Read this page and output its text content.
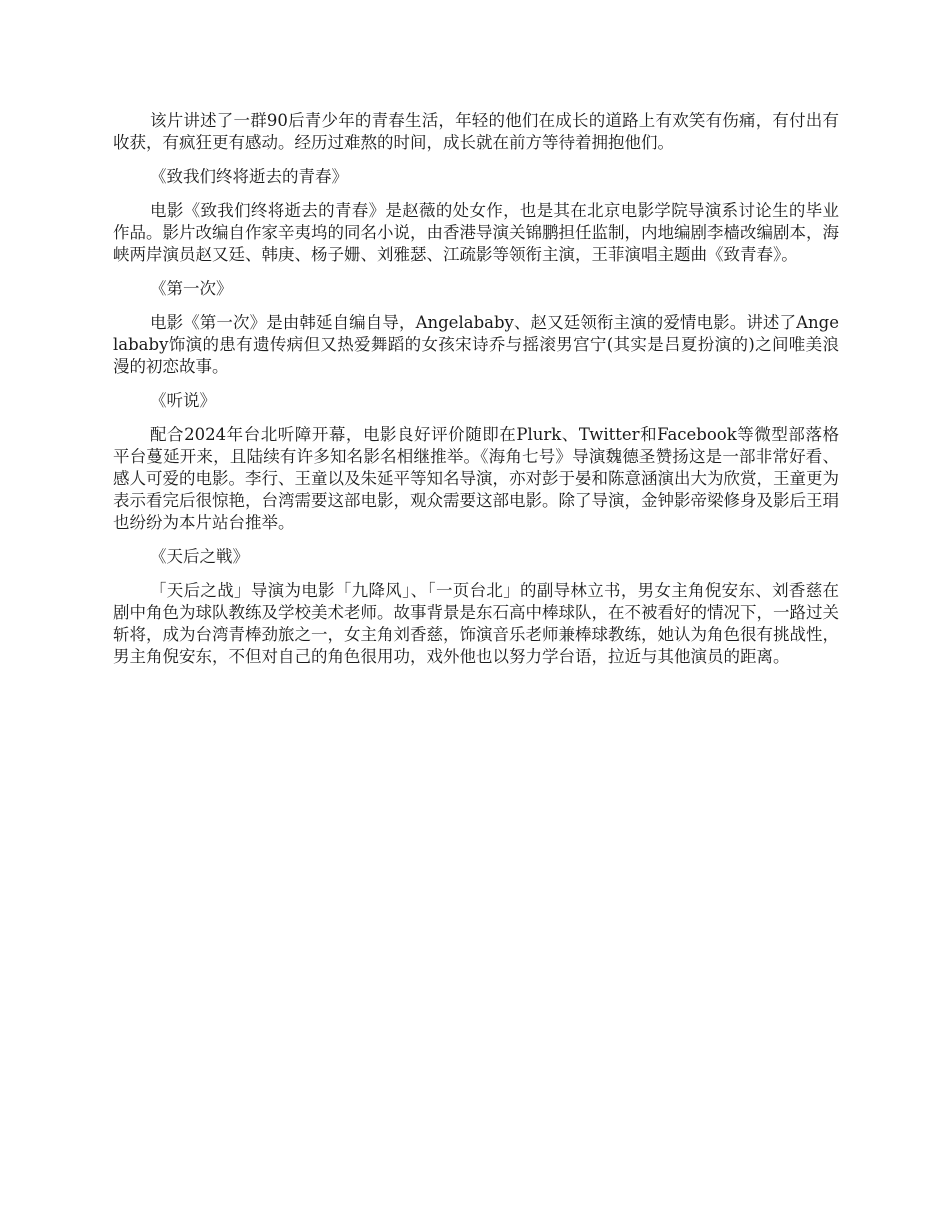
该片讲述了一群90后青少年的青春生活，年轻的他们在成长的道路上有欢笑有伤痛，有付出有收获，有疯狂更有感动。经历过难熬的时间，成长就在前方等待着拥抱他们。

《致我们终将逝去的青春》

电影《致我们终将逝去的青春》是赵薇的处女作，也是其在北京电影学院导演系讨论生的毕业作品。影片改编自作家辛夷坞的同名小说，由香港导演关锦鹏担任监制，内地编剧李樯改编剧本，海峡两岸演员赵又廷、韩庚、杨子姗、刘雅瑟、江疏影等领衔主演，王菲演唱主题曲《致青春》。

《第一次》

电影《第一次》是由韩延自编自导，Angelababy、赵又廷领衔主演的爱情电影。讲述了Angelababy饰演的患有遗传病但又热爱舞蹈的女孩宋诗乔与摇滚男宫宁(其实是吕夏扮演的)之间唯美浪漫的初恋故事。

《听说》

配合2024年台北听障开幕，电影良好评价随即在Plurk、Twitter和Facebook等微型部落格平台蔓延开来，且陆续有许多知名影名相继推举。《海角七号》导演魏德圣赞扬这是一部非常好看、感人可爱的电影。李行、王童以及朱延平等知名导演，亦对彭于晏和陈意涵演出大为欣赏，王童更为表示看完后很惊艳，台湾需要这部电影，观众需要这部电影。除了导演，金钟影帝梁修身及影后王琄也纷纷为本片站台推举。

《天后之戦》

「天后之战」导演为电影「九降风」、「一页台北」的副导林立书，男女主角倪安东、刘香慈在剧中角色为球队教练及学校美术老师。故事背景是东石高中棒球队，在不被看好的情况下，一路过关斩将，成为台湾青棒劲旅之一，女主角刘香慈，饰演音乐老师兼棒球教练，她认为角色很有挑战性，男主角倪安东，不但对自己的角色很用功，戏外他也以努力学台语，拉近与其他演员的距离。
